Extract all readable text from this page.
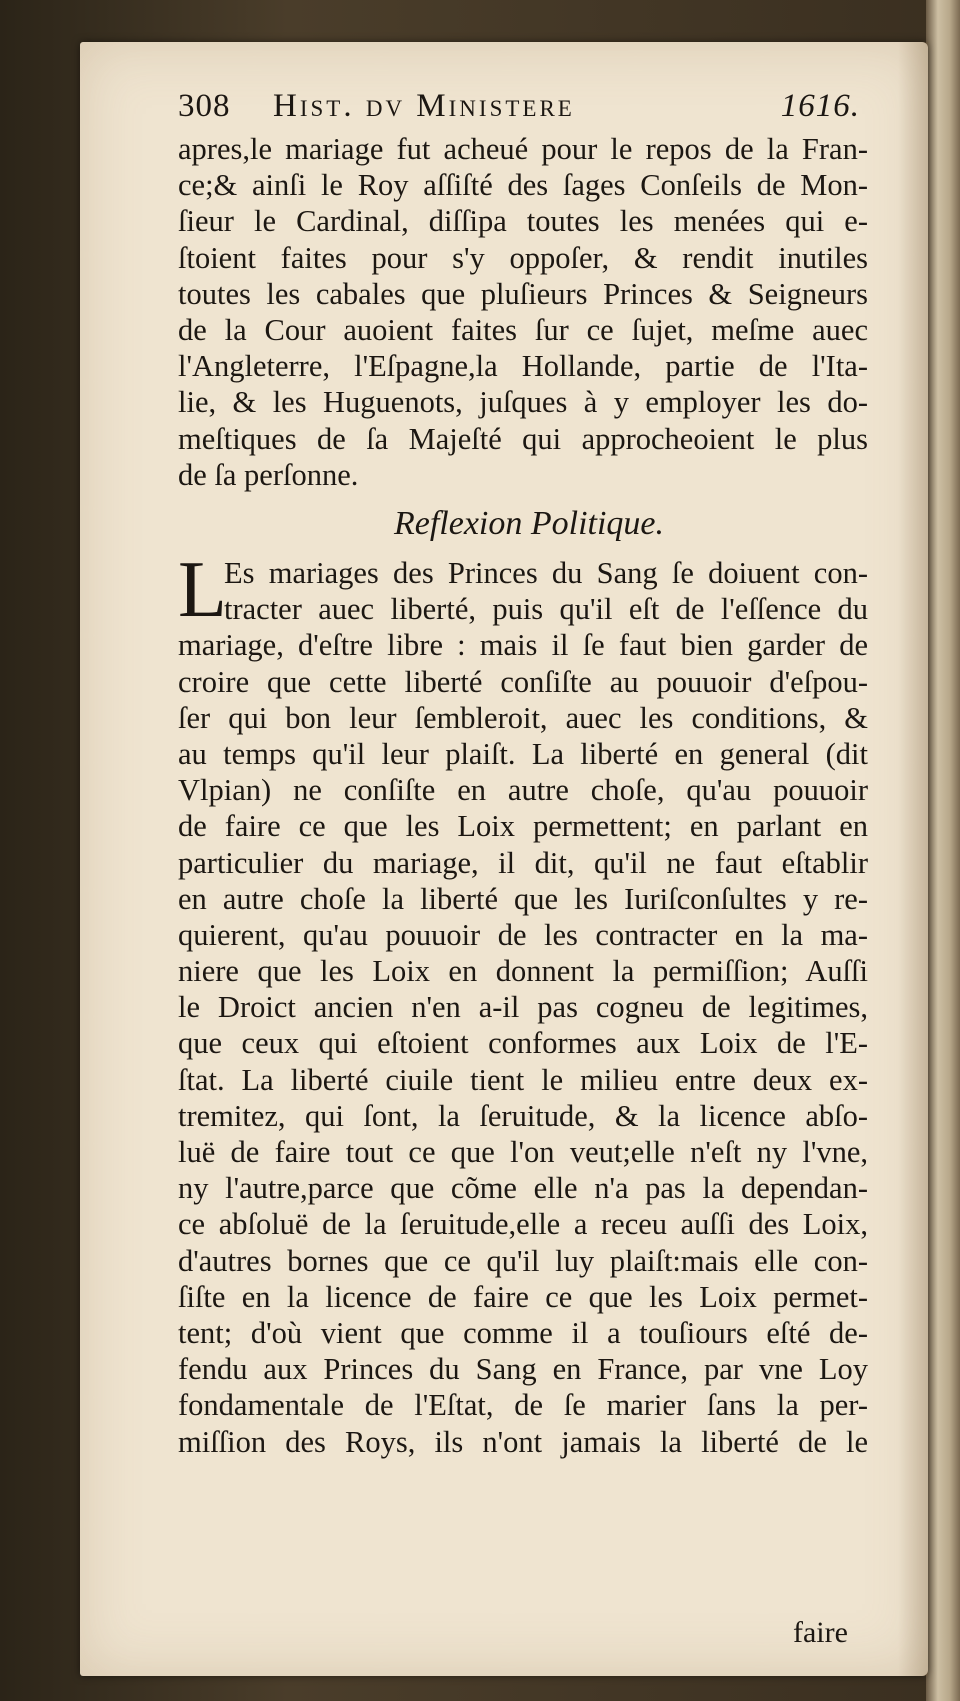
308 Hist. dv Ministere	1616.
apres,le mariage fut acheué pour le repos de la Fran-
ce;& ainſi le Roy aſſiſté des ſages Conſeils de Mon-
ſieur le Cardinal, diſſipa toutes les menées qui e-
ſtoient faites pour s'y oppoſer, & rendit inutiles
toutes les cabales que pluſieurs Princes & Seigneurs
de la Cour auoient faites ſur ce ſujet, meſme auec
l'Angleterre, l'Eſpagne,la Hollande, partie de l'Ita-
lie, & les Huguenots, juſques à y employer les do-
meſtiques de ſa Majeſté qui approcheoient le plus
de ſa perſonne.
Reflexion Politique.
L
Es mariages des Princes du Sang ſe doiuent con-
tracter auec liberté, puis qu'il eſt de l'eſſence du
mariage, d'eſtre libre : mais il ſe faut bien garder de
croire que cette liberté conſiſte au pouuoir d'eſpou-
ſer qui bon leur ſembleroit, auec les conditions, &
au temps qu'il leur plaiſt. La liberté en general (dit
Vlpian) ne conſiſte en autre choſe, qu'au pouuoir
de faire ce que les Loix permettent; en parlant en
particulier du mariage, il dit, qu'il ne faut eſtablir
en autre choſe la liberté que les Iuriſconſultes y re-
quierent, qu'au pouuoir de les contracter en la ma-
niere que les Loix en donnent la permiſſion; Auſſi
le Droict ancien n'en a-il pas cogneu de legitimes,
que ceux qui eſtoient conformes aux Loix de l'E-
ſtat. La liberté ciuile tient le milieu entre deux ex-
tremitez, qui ſont, la ſeruitude, & la licence abſo-
luë de faire tout ce que l'on veut;elle n'eſt ny l'vne,
ny l'autre,parce que cõme elle n'a pas la dependan-
ce abſoluë de la ſeruitude,elle a receu auſſi des Loix,
d'autres bornes que ce qu'il luy plaiſt:mais elle con-
ſiſte en la licence de faire ce que les Loix permet-
tent; d'où vient que comme il a touſiours eſté de-
fendu aux Princes du Sang en France, par vne Loy
fondamentale de l'Eſtat, de ſe marier ſans la per-
miſſion des Roys, ils n'ont jamais la liberté de le
faire
